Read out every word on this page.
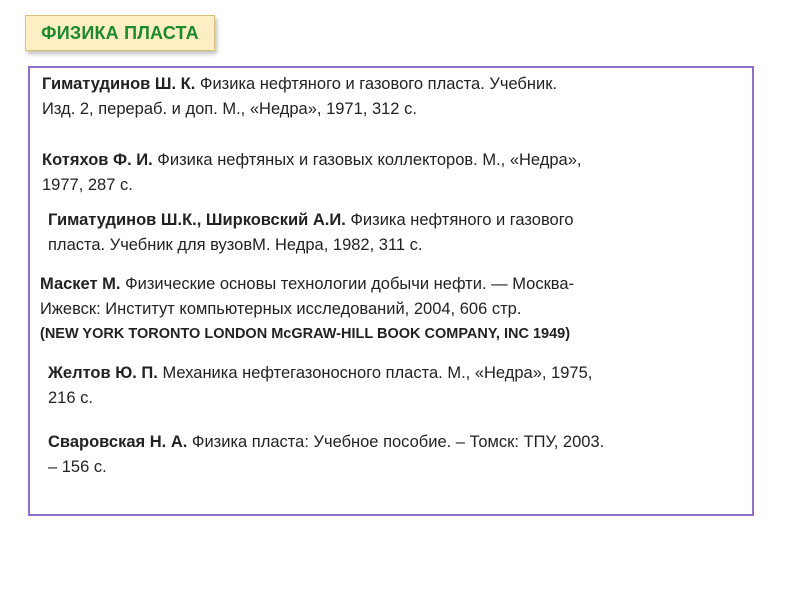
ФИЗИКА ПЛАСТА
Гиматудинов Ш. К. Физика нефтяного и газового пласта. Учебник.
Изд. 2, перераб. и доп. М., «Недра», 1971, 312 с.
Котяхов Ф. И. Физика нефтяных и газовых коллекторов. М., «Недра»,
1977, 287 с.
Гиматудинов Ш.К., Ширковский А.И. Физика нефтяного и газового
пласта. Учебник для вузовМ. Недра, 1982, 311 с.
Маскет М. Физические основы технологии добычи нефти. — Москва-
Ижевск: Институт компьютерных исследований, 2004, 606 стр.
(NEW YORK TORONTO LONDON McGRAW-HILL BOOK COMPANY, INC 1949)
Желтов Ю. П. Механика нефтегазоносного пласта. М., «Недра», 1975,
216 с.
Сваровская Н. А. Физика пласта: Учебное пособие. – Томск: ТПУ, 2003.
– 156 с.
